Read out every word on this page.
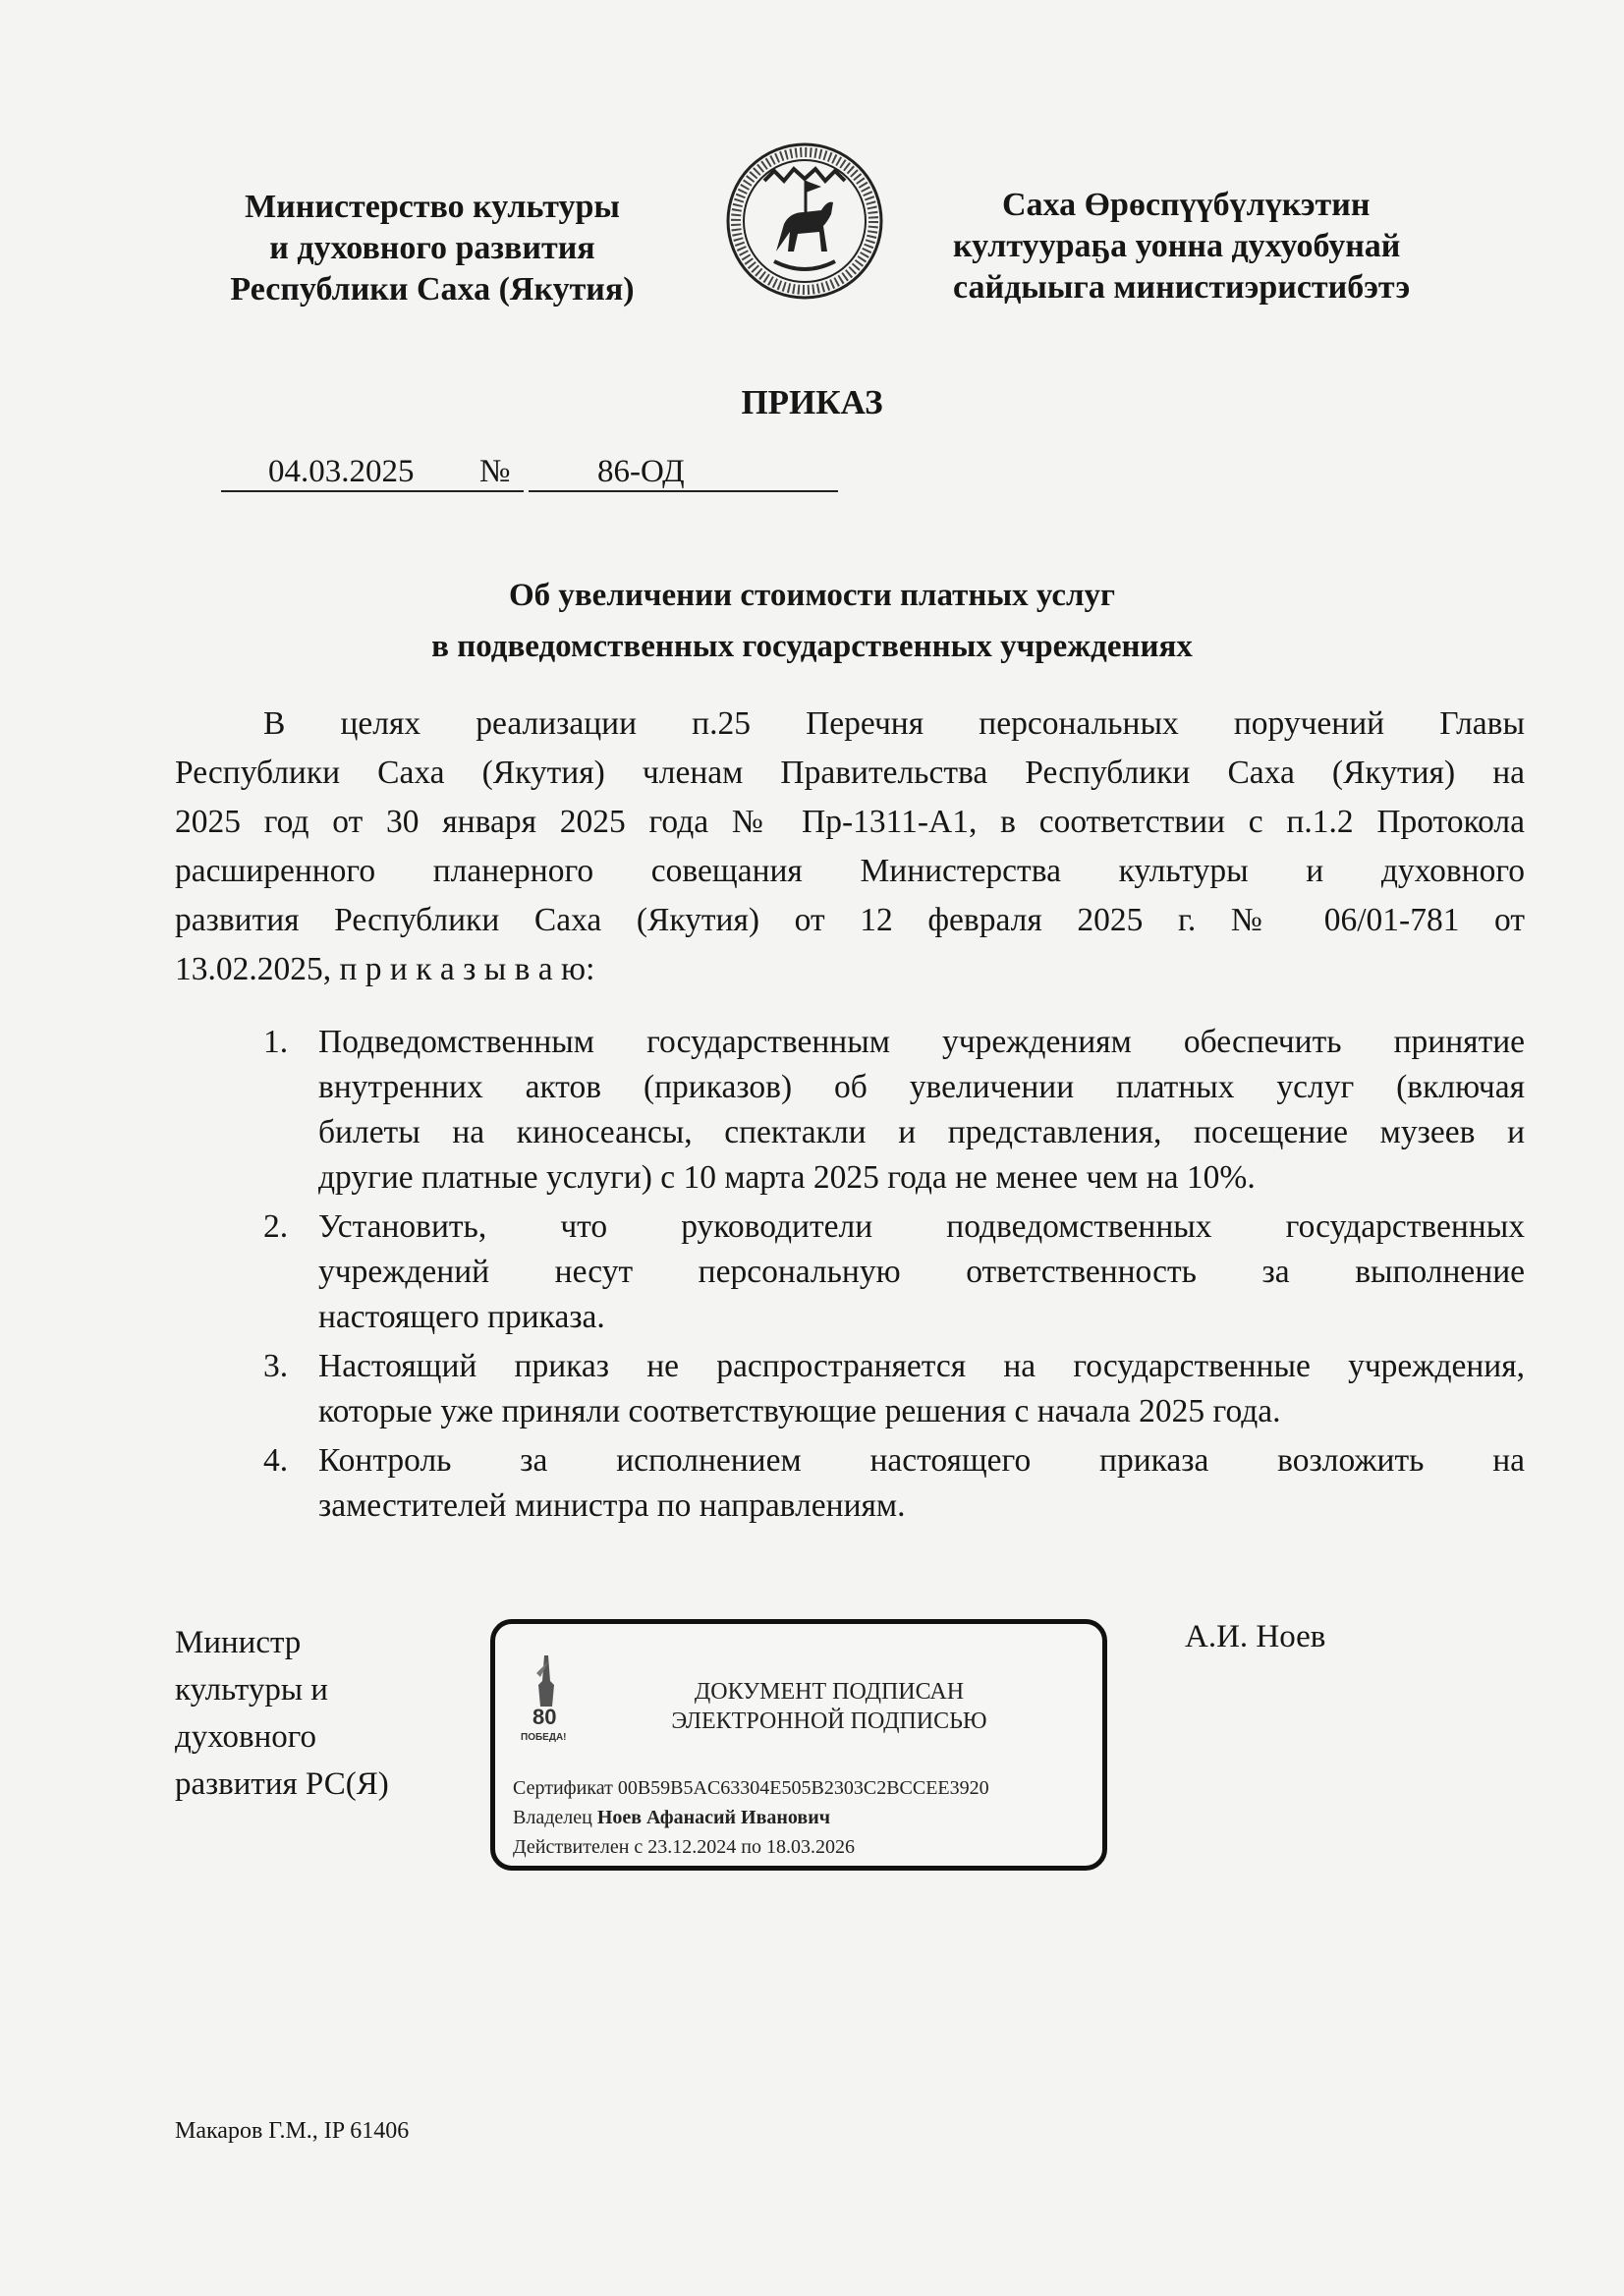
Министерство культуры
и духовного развития
Республики Саха (Якутия)
Саха Өрөспүүбүлүкэтин
култуураҕа уонна духуобунай
сайдыыга министиэристибэтэ
ПРИКАЗ
04.03.2025	№	86-ОД
Об увеличении стоимости платных услуг
в подведомственных государственных учреждениях
В целях реализации п.25 Перечня персональных поручений Главы
Республики Саха (Якутия) членам Правительства Республики Саха (Якутия) на
2025 год от 30 января 2025 года № Пр-1311-А1, в соответствии с п.1.2 Протокола
расширенного планерного совещания Министерства культуры и духовного
развития Республики Саха (Якутия) от 12 февраля 2025 г. № 06/01-781 от
13.02.2025, п р и к а з ы в а ю:
1. Подведомственным государственным учреждениям обеспечить принятие
внутренних актов (приказов) об увеличении платных услуг (включая
билеты на киносеансы, спектакли и представления, посещение музеев и
другие платные услуги) с 10 марта 2025 года не менее чем на 10%.
2. Установить, что руководители подведомственных государственных
учреждений несут персональную ответственность за выполнение
настоящего приказа.
3. Настоящий приказ не распространяется на государственные учреждения,
которые уже приняли соответствующие решения с начала 2025 года.
4. Контроль за исполнением настоящего приказа возложить на
заместителей министра по направлениям.
Министр
культуры и
духовного
развития РС(Я)
80
ПОБЕДА!
ДОКУМЕНТ ПОДПИСАН
ЭЛЕКТРОННОЙ ПОДПИСЬЮ
Сертификат 00B59B5AC63304E505B2303C2BCCEE3920
Владелец Ноев Афанасий Иванович
Действителен с 23.12.2024 по 18.03.2026
А.И. Ноев
Макаров Г.М., IP 61406
